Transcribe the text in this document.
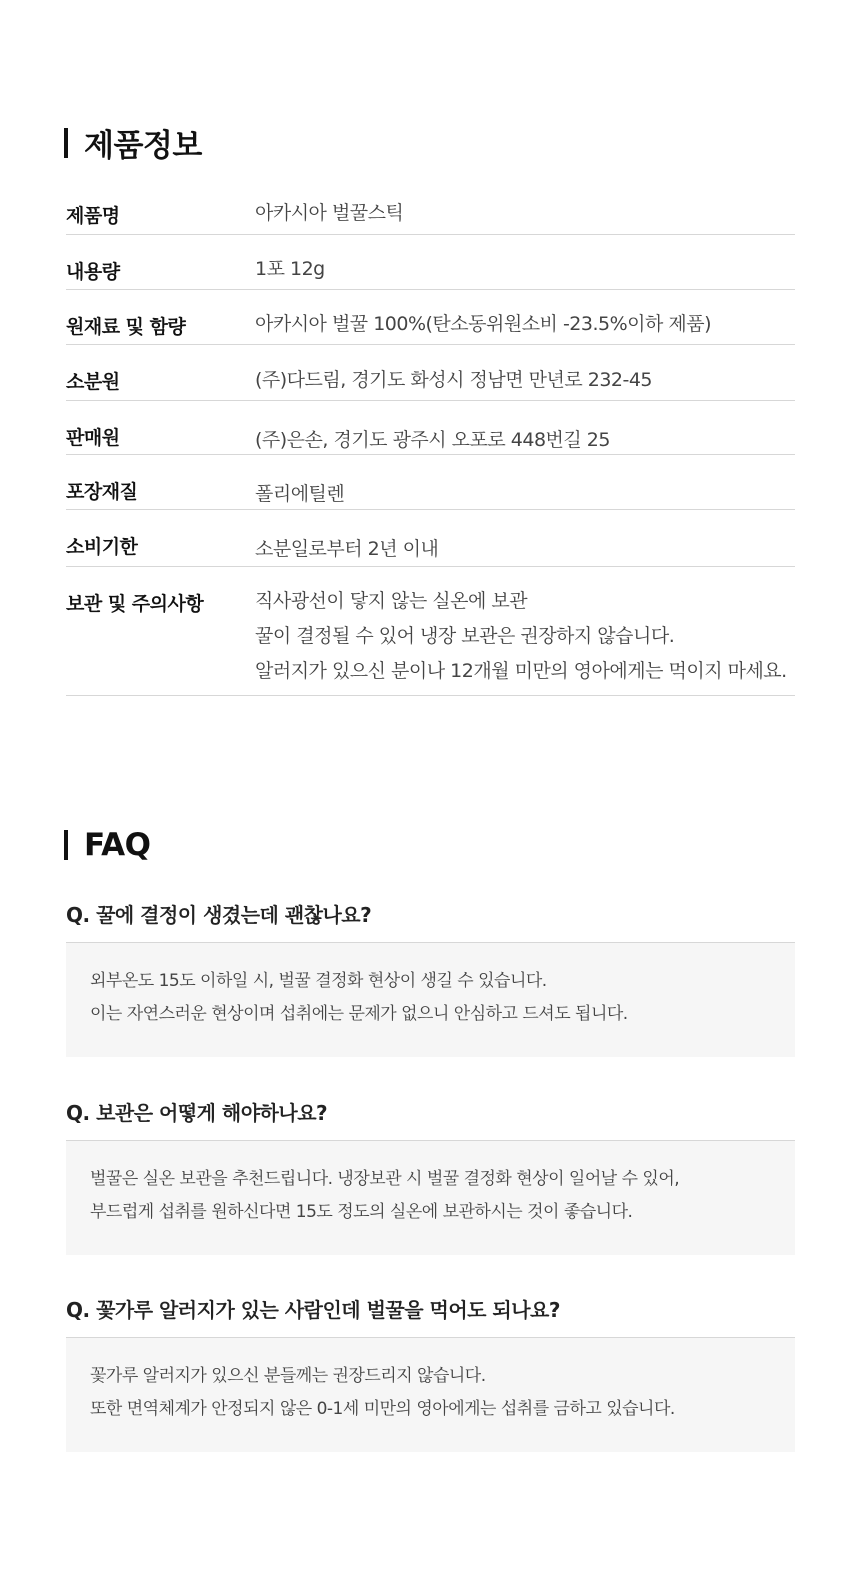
제품정보
제품명	아카시아 벌꿀스틱
내용량	1포 12g
원재료 및 함량	아카시아 벌꿀 100%(탄소동위원소비 -23.5%이하 제품)
소분원	(주)다드림, 경기도 화성시 정남면 만년로 232-45
판매원	(주)은손, 경기도 광주시 오포로 448번길 25
포장재질	폴리에틸렌
소비기한	소분일로부터 2년 이내
보관 및 주의사항	직사광선이 닿지 않는 실온에 보관
꿀이 결정될 수 있어 냉장 보관은 권장하지 않습니다.
알러지가 있으신 분이나 12개월 미만의 영아에게는 먹이지 마세요.
FAQ
Q. 꿀에 결정이 생겼는데 괜찮나요?
외부온도 15도 이하일 시, 벌꿀 결정화 현상이 생길 수 있습니다.
이는 자연스러운 현상이며 섭취에는 문제가 없으니 안심하고 드셔도 됩니다.
Q. 보관은 어떻게 해야하나요?
벌꿀은 실온 보관을 추천드립니다. 냉장보관 시 벌꿀 결정화 현상이 일어날 수 있어,
부드럽게 섭취를 원하신다면 15도 정도의 실온에 보관하시는 것이 좋습니다.
Q. 꽃가루 알러지가 있는 사람인데 벌꿀을 먹어도 되나요?
꽃가루 알러지가 있으신 분들께는 권장드리지 않습니다.
또한 면역체계가 안정되지 않은 0-1세 미만의 영아에게는 섭취를 금하고 있습니다.
